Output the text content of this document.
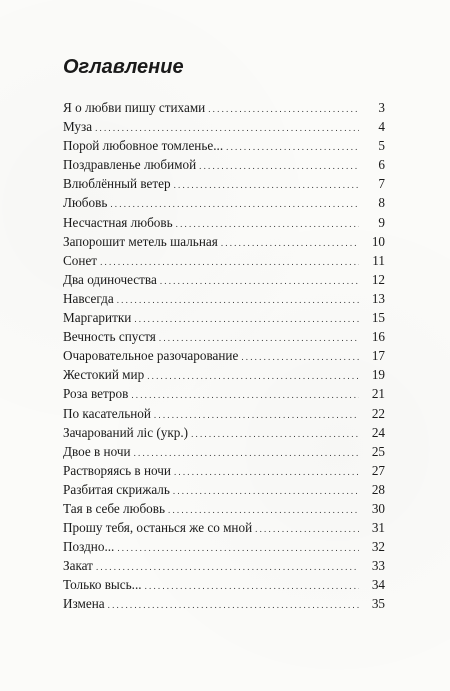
Оглавление
Я о любви пишу стихами .....	3
Муза .....	4
Порой любовное томленье... .....	5
Поздравленье любимой .....	6
Влюблённый ветер .....	7
Любовь .....	8
Несчастная любовь .....	9
Запорошит метель шальная .....	10
Сонет .....	11
Два одиночества .....	12
Навсегда .....	13
Маргаритки .....	15
Вечность спустя .....	16
Очаровательное разочарование .....	17
Жестокий мир .....	19
Роза ветров .....	21
По касательной .....	22
Зачарований ліс (укр.) .....	24
Двое в ночи .....	25
Растворяясь в ночи .....	27
Разбитая скрижаль .....	28
Тая в себе любовь .....	30
Прошу тебя, останься же со мной .....	31
Поздно... .....	32
Закат .....	33
Только высь... .....	34
Измена .....	35
